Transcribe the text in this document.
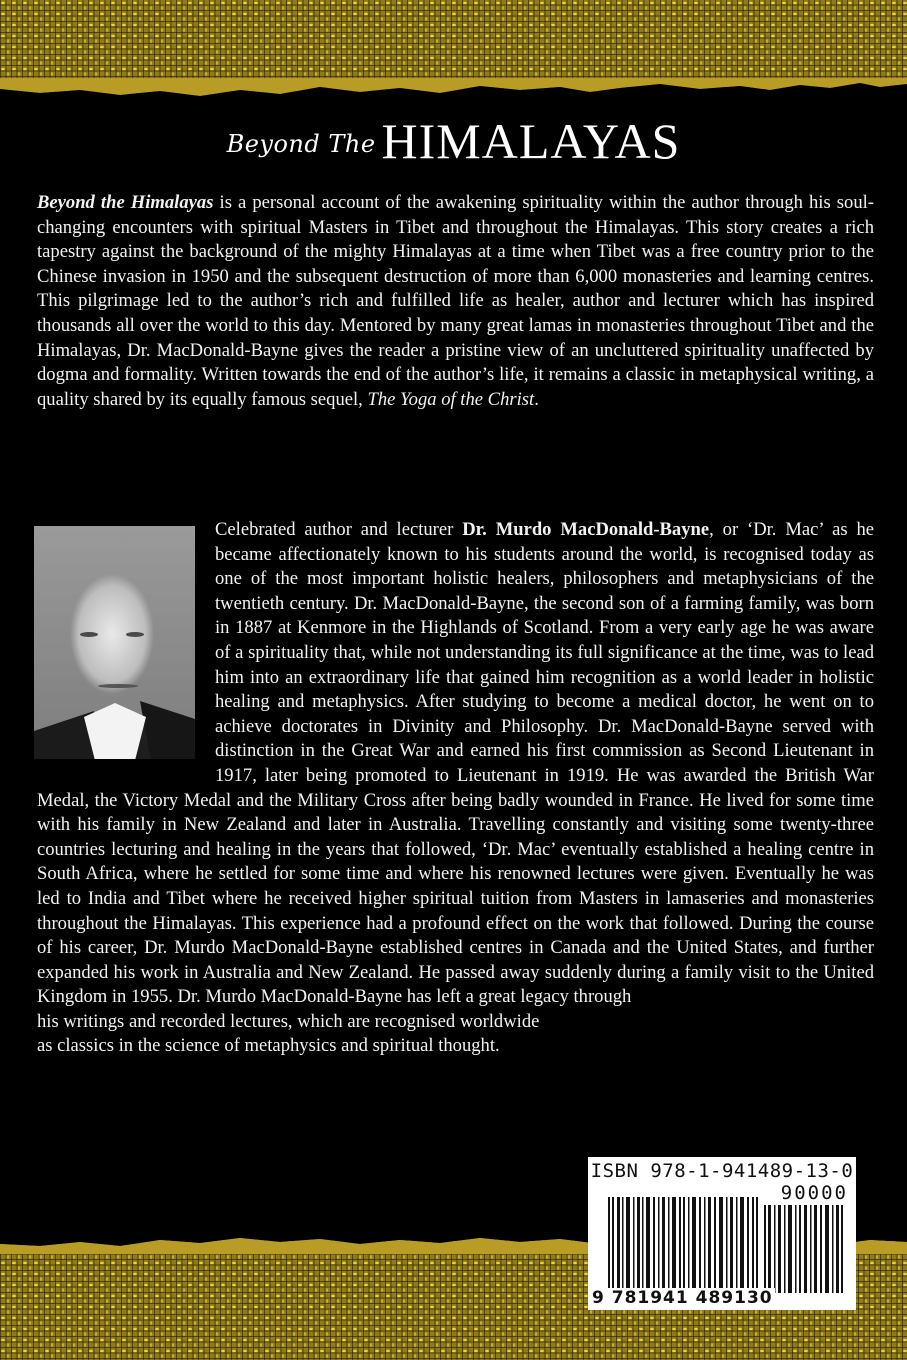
Beyond The HIMALAYAS

Beyond the Himalayas is a personal account of the awakening spirituality within the author through his soul-changing encounters with spiritual Masters in Tibet and throughout the Himalayas. This story creates a rich tapestry against the background of the mighty Himalayas at a time when Tibet was a free country prior to the Chinese invasion in 1950 and the subsequent destruction of more than 6,000 monasteries and learning centres. This pilgrimage led to the author’s rich and fulfilled life as healer, author and lecturer which has inspired thousands all over the world to this day. Mentored by many great lamas in monasteries throughout Tibet and the Himalayas, Dr. MacDonald-Bayne gives the reader a pristine view of an uncluttered spirituality unaffected by dogma and formality. Written towards the end of the author’s life, it remains a classic in metaphysical writing, a quality shared by its equally famous sequel, The Yoga of the Christ.

Celebrated author and lecturer Dr. Murdo MacDonald-Bayne, or ‘Dr. Mac’ as he became affectionately known to his students around the world, is recognised today as one of the most important holistic healers, philosophers and metaphysicians of the twentieth century. Dr. MacDonald-Bayne, the second son of a farming family, was born in 1887 at Kenmore in the Highlands of Scotland. From a very early age he was aware of a spirituality that, while not understanding its full significance at the time, was to lead him into an extraordinary life that gained him recognition as a world leader in holistic healing and metaphysics. After studying to become a medical doctor, he went on to achieve doctorates in Divinity and Philosophy. Dr. MacDonald-Bayne served with distinction in the Great War and earned his first commission as Second Lieutenant in 1917, later being promoted to Lieutenant in 1919. He was awarded the British War Medal, the Victory Medal and the Military Cross after being badly wounded in France. He lived for some time with his family in New Zealand and later in Australia. Travelling constantly and visiting some twenty-three countries lecturing and healing in the years that followed, ‘Dr. Mac’ eventually established a healing centre in South Africa, where he settled for some time and where his renowned lectures were given. Eventually he was led to India and Tibet where he received higher spiritual tuition from Masters in lamaseries and monasteries throughout the Himalayas. This experience had a profound effect on the work that followed. During the course of his career, Dr. Murdo MacDonald-Bayne established centres in Canada and the United States, and further expanded his work in Australia and New Zealand. He passed away suddenly during a family visit to the United Kingdom in 1955. Dr. Murdo MacDonald-Bayne has left a great legacy through
his writings and recorded lectures, which are recognised worldwide as classics in the science of metaphysics and spiritual thought.
ISBN 978-1-941489-13-0
90000
9 781941 489130
